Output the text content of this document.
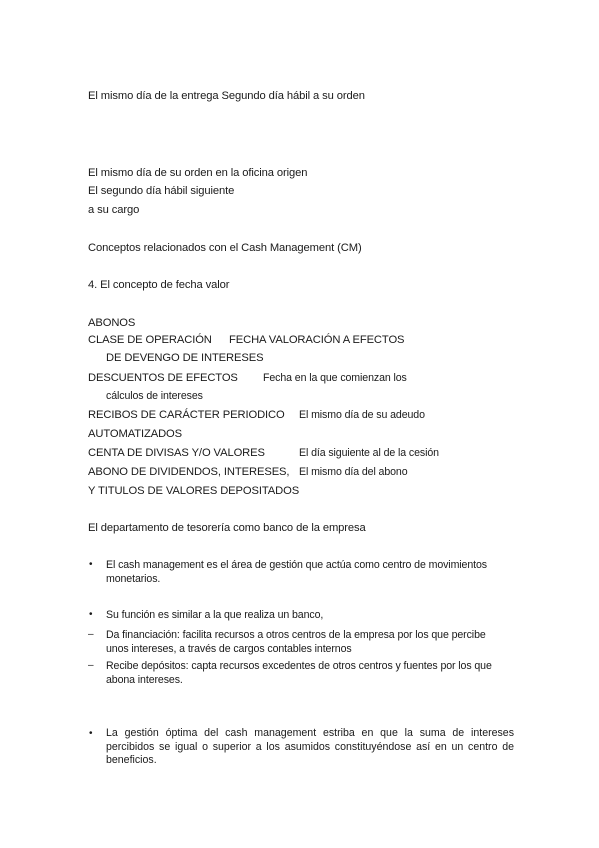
El mismo día de la entrega Segundo día hábil a su orden
El mismo día de su orden en la oficina origen
El segundo día hábil siguiente
a su cargo
Conceptos relacionados con el Cash Management (CM)
4. El concepto de fecha valor
ABONOS
CLASE DE OPERACIÓN FECHA VALORACIÓN A EFECTOS
DE DEVENGO DE INTERESES
DESCUENTOS DE EFECTOS Fecha en la que comienzan los
cálculos de intereses
RECIBOS DE CARÁCTER PERIODICO El mismo día de su adeudo
AUTOMATIZADOS
CENTA DE DIVISAS Y/O VALORES	El día siguiente al de la cesión
ABONO DE DIVIDENDOS, INTERESES, El mismo día del abono
Y TITULOS DE VALORES DEPOSITADOS
El departamento de tesorería como banco de la empresa
• El cash management es el área de gestión que actúa como centro de movimientos
monetarios.
• Su función es similar a la que realiza un banco,
– Da financiación: facilita recursos a otros centros de la empresa por los que percibe
unos intereses, a través de cargos contables internos
– Recibe depósitos: capta recursos excedentes de otros centros y fuentes por los que
abona intereses.
• La gestión óptima del cash management estriba en que la suma de intereses percibidos se igual o superior a los asumidos constituyéndose así en un centro de beneficios.
